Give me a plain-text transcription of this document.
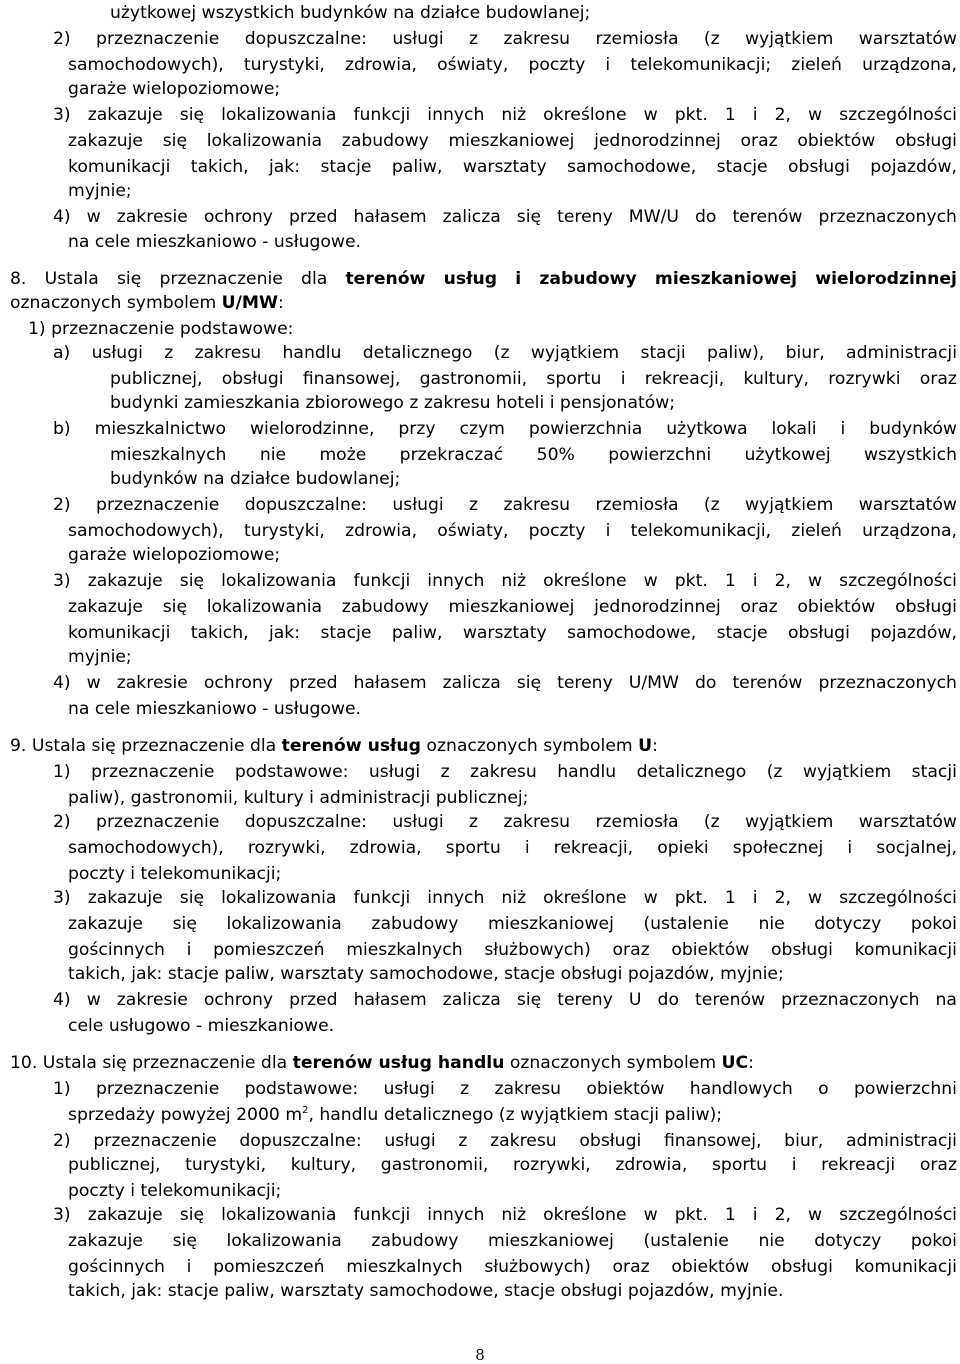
użytkowej wszystkich budynków na działce budowlanej;
2) przeznaczenie dopuszczalne: usługi z zakresu rzemiosła (z wyjątkiem warsztatów
samochodowych), turystyki, zdrowia, oświaty, poczty i telekomunikacji; zieleń urządzona,
garaże wielopoziomowe;
3) zakazuje się lokalizowania funkcji innych niż określone w pkt. 1 i 2, w szczególności
zakazuje się lokalizowania zabudowy mieszkaniowej jednorodzinnej oraz obiektów obsługi
komunikacji takich, jak: stacje paliw, warsztaty samochodowe, stacje obsługi pojazdów,
myjnie;
4) w zakresie ochrony przed hałasem zalicza się tereny MW/U do terenów przeznaczonych
na cele mieszkaniowo - usługowe.
8. Ustala się przeznaczenie dla terenów usług i zabudowy mieszkaniowej wielorodzinnej
oznaczonych symbolem U/MW:
1) przeznaczenie podstawowe:
a) usługi z zakresu handlu detalicznego (z wyjątkiem stacji paliw), biur, administracji
publicznej, obsługi finansowej, gastronomii, sportu i rekreacji, kultury, rozrywki oraz
budynki zamieszkania zbiorowego z zakresu hoteli i pensjonatów;
b) mieszkalnictwo wielorodzinne, przy czym powierzchnia użytkowa lokali i budynków
mieszkalnych nie może przekraczać 50% powierzchni użytkowej wszystkich
budynków na działce budowlanej;
2) przeznaczenie dopuszczalne: usługi z zakresu rzemiosła (z wyjątkiem warsztatów
samochodowych), turystyki, zdrowia, oświaty, poczty i telekomunikacji, zieleń urządzona,
garaże wielopoziomowe;
3) zakazuje się lokalizowania funkcji innych niż określone w pkt. 1 i 2, w szczególności
zakazuje się lokalizowania zabudowy mieszkaniowej jednorodzinnej oraz obiektów obsługi
komunikacji takich, jak: stacje paliw, warsztaty samochodowe, stacje obsługi pojazdów,
myjnie;
4) w zakresie ochrony przed hałasem zalicza się tereny U/MW do terenów przeznaczonych
na cele mieszkaniowo - usługowe.
9. Ustala się przeznaczenie dla terenów usług oznaczonych symbolem U:
1) przeznaczenie podstawowe: usługi z zakresu handlu detalicznego (z wyjątkiem stacji
paliw), gastronomii, kultury i administracji publicznej;
2) przeznaczenie dopuszczalne: usługi z zakresu rzemiosła (z wyjątkiem warsztatów
samochodowych), rozrywki, zdrowia, sportu i rekreacji, opieki społecznej i socjalnej,
poczty i telekomunikacji;
3) zakazuje się lokalizowania funkcji innych niż określone w pkt. 1 i 2, w szczególności
zakazuje się lokalizowania zabudowy mieszkaniowej (ustalenie nie dotyczy pokoi
gościnnych i pomieszczeń mieszkalnych służbowych) oraz obiektów obsługi komunikacji
takich, jak: stacje paliw, warsztaty samochodowe, stacje obsługi pojazdów, myjnie;
4) w zakresie ochrony przed hałasem zalicza się tereny U do terenów przeznaczonych na
cele usługowo - mieszkaniowe.
10. Ustala się przeznaczenie dla terenów usług handlu oznaczonych symbolem UC:
1) przeznaczenie podstawowe: usługi z zakresu obiektów handlowych o powierzchni
sprzedaży powyżej 2000 $m^2$, handlu detalicznego (z wyjątkiem stacji paliw);
2) przeznaczenie dopuszczalne: usługi z zakresu obsługi finansowej, biur, administracji
publicznej, turystyki, kultury, gastronomii, rozrywki, zdrowia, sportu i rekreacji oraz
poczty i telekomunikacji;
3) zakazuje się lokalizowania funkcji innych niż określone w pkt. 1 i 2, w szczególności
zakazuje się lokalizowania zabudowy mieszkaniowej (ustalenie nie dotyczy pokoi
gościnnych i pomieszczeń mieszkalnych służbowych) oraz obiektów obsługi komunikacji
takich, jak: stacje paliw, warsztaty samochodowe, stacje obsługi pojazdów, myjnie.
8
